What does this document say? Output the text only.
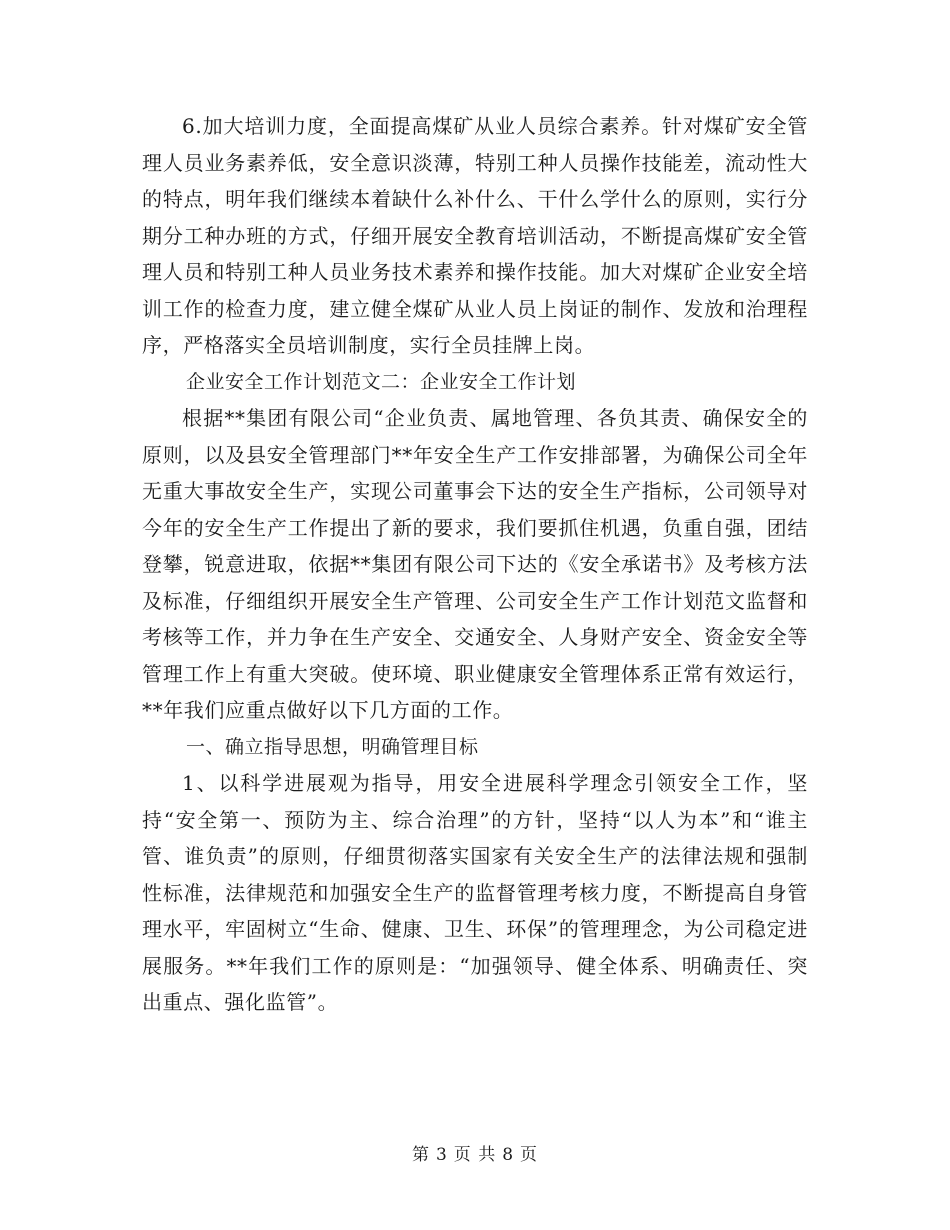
6.加大培训力度，全面提高煤矿从业人员综合素养。针对煤矿安全管理人员业务素养低，安全意识淡薄，特别工种人员操作技能差，流动性大的特点，明年我们继续本着缺什么补什么、干什么学什么的原则，实行分期分工种办班的方式，仔细开展安全教育培训活动，不断提高煤矿安全管理人员和特别工种人员业务技术素养和操作技能。加大对煤矿企业安全培训工作的检查力度，建立健全煤矿从业人员上岗证的制作、发放和治理程序，严格落实全员培训制度，实行全员挂牌上岗。

企业安全工作计划范文二：企业安全工作计划

根据**集团有限公司“企业负责、属地管理、各负其责、确保安全的原则，以及县安全管理部门**年安全生产工作安排部署，为确保公司全年无重大事故安全生产，实现公司董事会下达的安全生产指标，公司领导对今年的安全生产工作提出了新的要求，我们要抓住机遇，负重自强，团结登攀，锐意进取，依据**集团有限公司下达的《安全承诺书》及考核方法及标准，仔细组织开展安全生产管理、公司安全生产工作计划范文监督和考核等工作，并力争在生产安全、交通安全、人身财产安全、资金安全等管理工作上有重大突破。使环境、职业健康安全管理体系正常有效运行，**年我们应重点做好以下几方面的工作。

一、确立指导思想，明确管理目标

1、以科学进展观为指导，用安全进展科学理念引领安全工作，坚持“安全第一、预防为主、综合治理”的方针，坚持“以人为本”和“谁主管、谁负责”的原则，仔细贯彻落实国家有关安全生产的法律法规和强制性标准，法律规范和加强安全生产的监督管理考核力度，不断提高自身管理水平，牢固树立“生命、健康、卫生、环保”的管理理念，为公司稳定进展服务。**年我们工作的原则是：“加强领导、健全体系、明确责任、突出重点、强化监管”。

第 3 页 共 8 页
